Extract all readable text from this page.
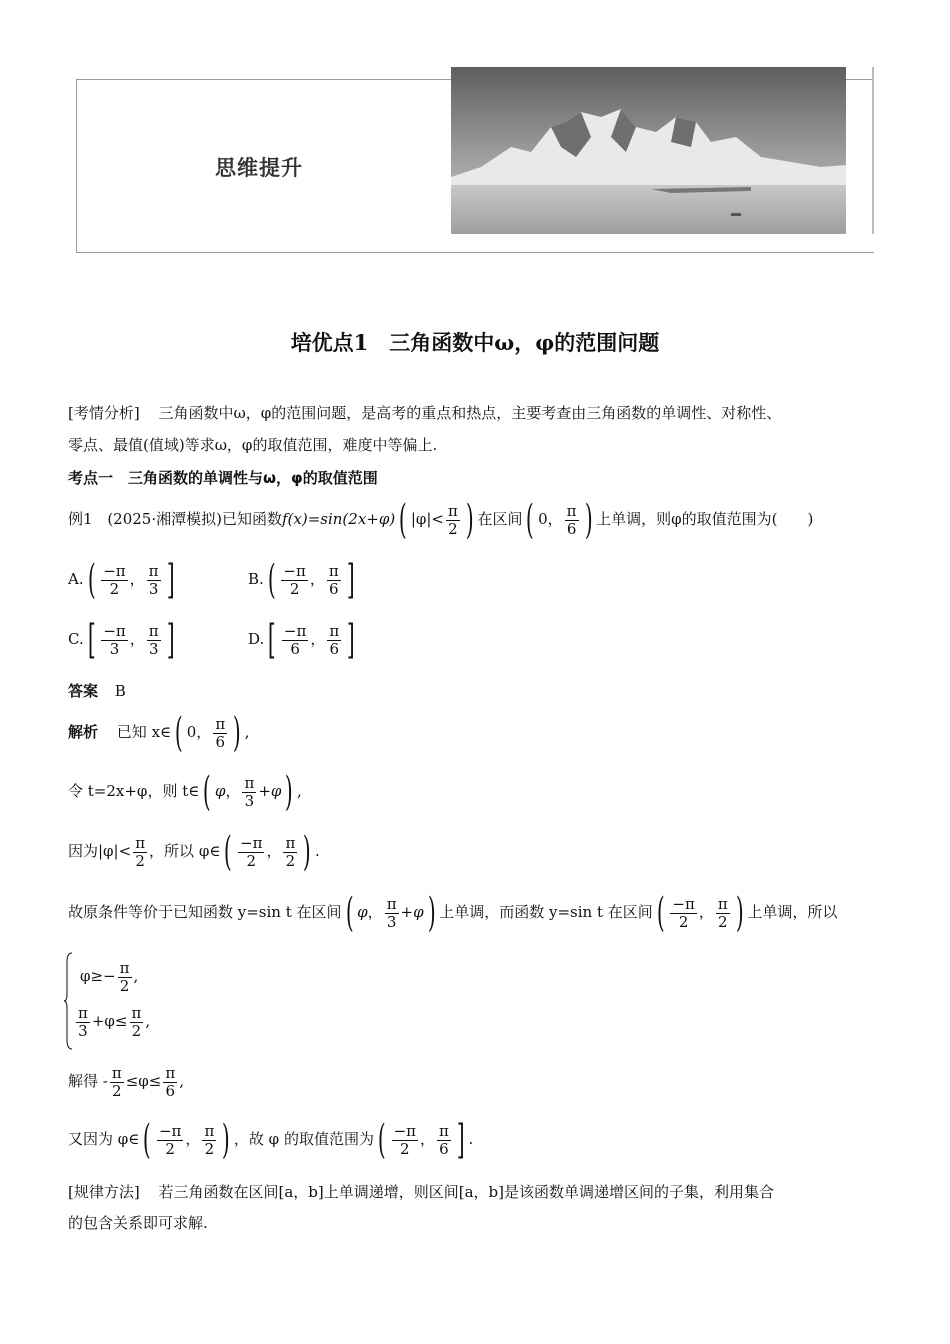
思维提升
培优点1　三角函数中ω，φ的范围问题
[考情分析] 三角函数中ω，φ的范围问题，是高考的重点和热点，主要考查由三角函数的单调性、对称性、
零点、最值(值域)等求ω，φ的取值范围，难度中等偏上.
考点一　三角函数的单调性与ω，φ的取值范围
例1 (2025·湘潭模拟)已知函数f(x)=sin(2x+φ)( $|\varphi|< \frac{\pi}{2}$ ) 在区间( 0， $\frac{\pi}{6}$ ) 上单调，则φ的取值范围为(　　)
$A.( \frac{-\pi}{2}$ ， $\frac{\pi}{3}$ ]	$B.( \frac{-\pi}{2}$ ， $\frac{\pi}{6}$ ]
$C.[ \frac{-\pi}{3}$ ， $\frac{\pi}{3}$ ]	$D.[ \frac{-\pi}{6}$ ， $\frac{\pi}{6}$ ]
答案 B
解析 已知 x∈( 0， $\frac{\pi}{6}$ ) ,
令 t=2x+φ，则 t∈( φ， $\frac{\pi}{3} +\varphi$) ,
因为$|\varphi|< \frac{\pi}{2}$ ，所以 φ∈( $\frac{-\pi}{2}$ ， $\frac{\pi}{2}$ ) .
故原条件等价于已知函数 y=sin t 在区间( φ， $\frac{\pi}{3} +\varphi$) 上单调，而函数 y=sin t 在区间( $\frac{-\pi}{2}$ ， $\frac{\pi}{2}$ ) 上单调，所以
$\varphi\ge- \frac{\pi}{2}$ ,
$\frac{\pi}{3} +\varphi\le \frac{\pi}{2}$ ,
解得 - $\frac{\pi}{2} \le\varphi\le \frac{\pi}{6}$ ,
又因为 φ∈( $\frac{-\pi}{2}$ ， $\frac{\pi}{2}$ ) ，故 φ 的取值范围为( $\frac{-\pi}{2}$ ， $\frac{\pi}{6}$ ] .
[规律方法] 若三角函数在区间[a，b]上单调递增，则区间[a，b]是该函数单调递增区间的子集，利用集合
的包含关系即可求解.
